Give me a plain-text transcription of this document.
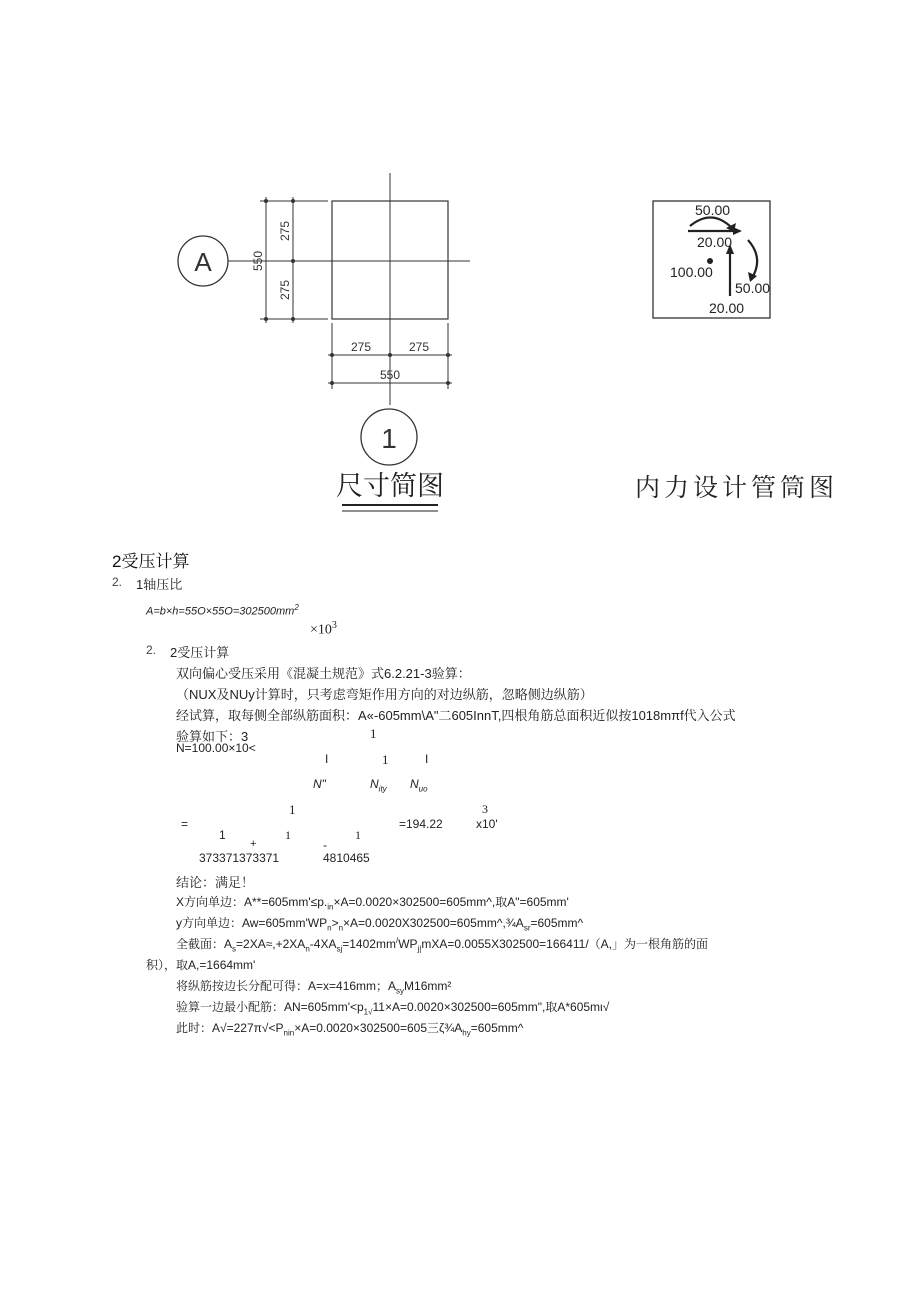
A
275
275
550
275	275
550
1
尺寸简图
50.00
20.00
100.00
50.00
20.00
内力设计管筒图
2受压计算
2. 1轴压比
$A=b\times h=55O\times 55O=302500mm^2$
$\times 10^3$
2. 2受压计算
双向偏心受压采用《混凝土规范》式6.2.21-3验算：
（NUX及NUy计算时，只考虑弯矩作用方向的对边纵筋，忽略侧边纵筋）
经试算，取每侧全部纵筋面积：A«-605mm\A"二605InnT,四根角筋总面积近似按1018mπf代入公式
验算如下：3	1
N=100.00×10<
I	1	I
N"	$N_{ity}$ $N_{uo}$
1	3
=	=194.22	x10'
1	1	1
+	-
373371373371	4810465
结论：满足！
X方向单边：$A**=605mm'\le p._{in}\times A=0.0020\times 302500=605mm\^{}$,取A"=605mm'
y方向单边：$Aw=605mm'WP_n>_n\times A=0.0020X302500=605mm\^{},\frac{3}{4}A_{sr}=605mm\^{}$
全截面：$A_s=2XA\approx,+2XA_n-4XA_{sj}=1402mm^/WP_{j|}mXA=0.0055X302500=166411/(A$,」为一根角筋的面
积），取A,=1664mm'
将纵筋按边长分配可得：A=x=416mm；$A_{sy}M16mm^2$
验算一边最小配筋：$AN=605mm'<p_{1√}11\times A=0.0020\times 302500=605mm$",取A*605mι√
此时：$A√=227\pi√<P_{nin}\times A=0.0020\times 302500=605$三$\zeta\frac{3}{4}A_{hy}=605mm\^{}$
